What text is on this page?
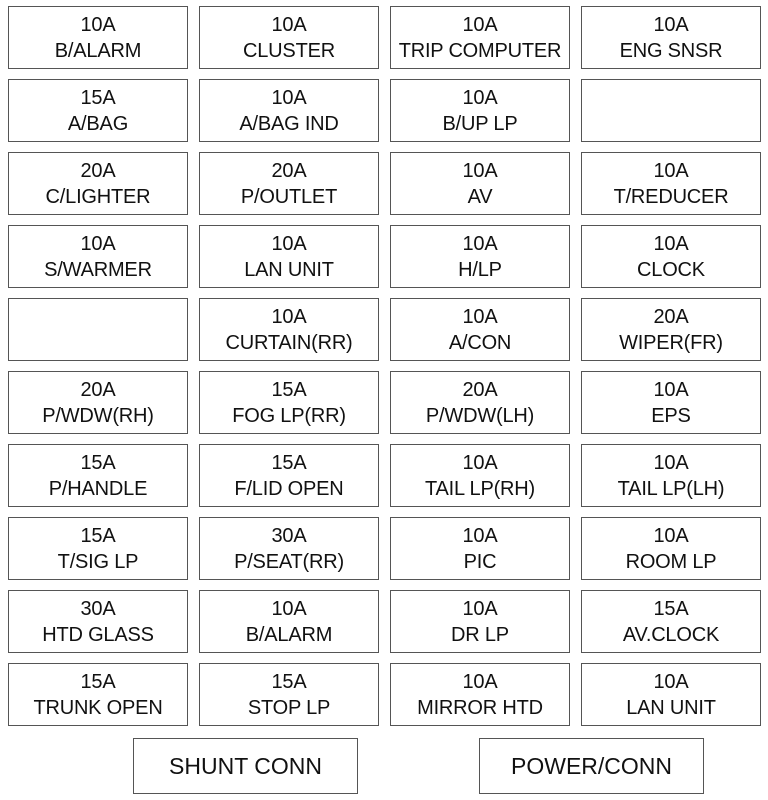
10A
B/ALARM
10A
CLUSTER
10A
TRIP COMPUTER
10A
ENG SNSR
15A
A/BAG
10A
A/BAG IND
10A
B/UP LP
20A
C/LIGHTER
20A
P/OUTLET
10A
AV
10A
T/REDUCER
10A
S/WARMER
10A
LAN UNIT
10A
H/LP
10A
CLOCK
10A
CURTAIN(RR)
10A
A/CON
20A
WIPER(FR)
20A
P/WDW(RH)
15A
FOG LP(RR)
20A
P/WDW(LH)
10A
EPS
15A
P/HANDLE
15A
F/LID OPEN
10A
TAIL LP(RH)
10A
TAIL LP(LH)
15A
T/SIG LP
30A
P/SEAT(RR)
10A
PIC
10A
ROOM LP
30A
HTD GLASS
10A
B/ALARM
10A
DR LP
15A
AV.CLOCK
15A
TRUNK OPEN
15A
STOP LP
10A
MIRROR HTD
10A
LAN UNIT
SHUNT CONN	POWER/CONN
